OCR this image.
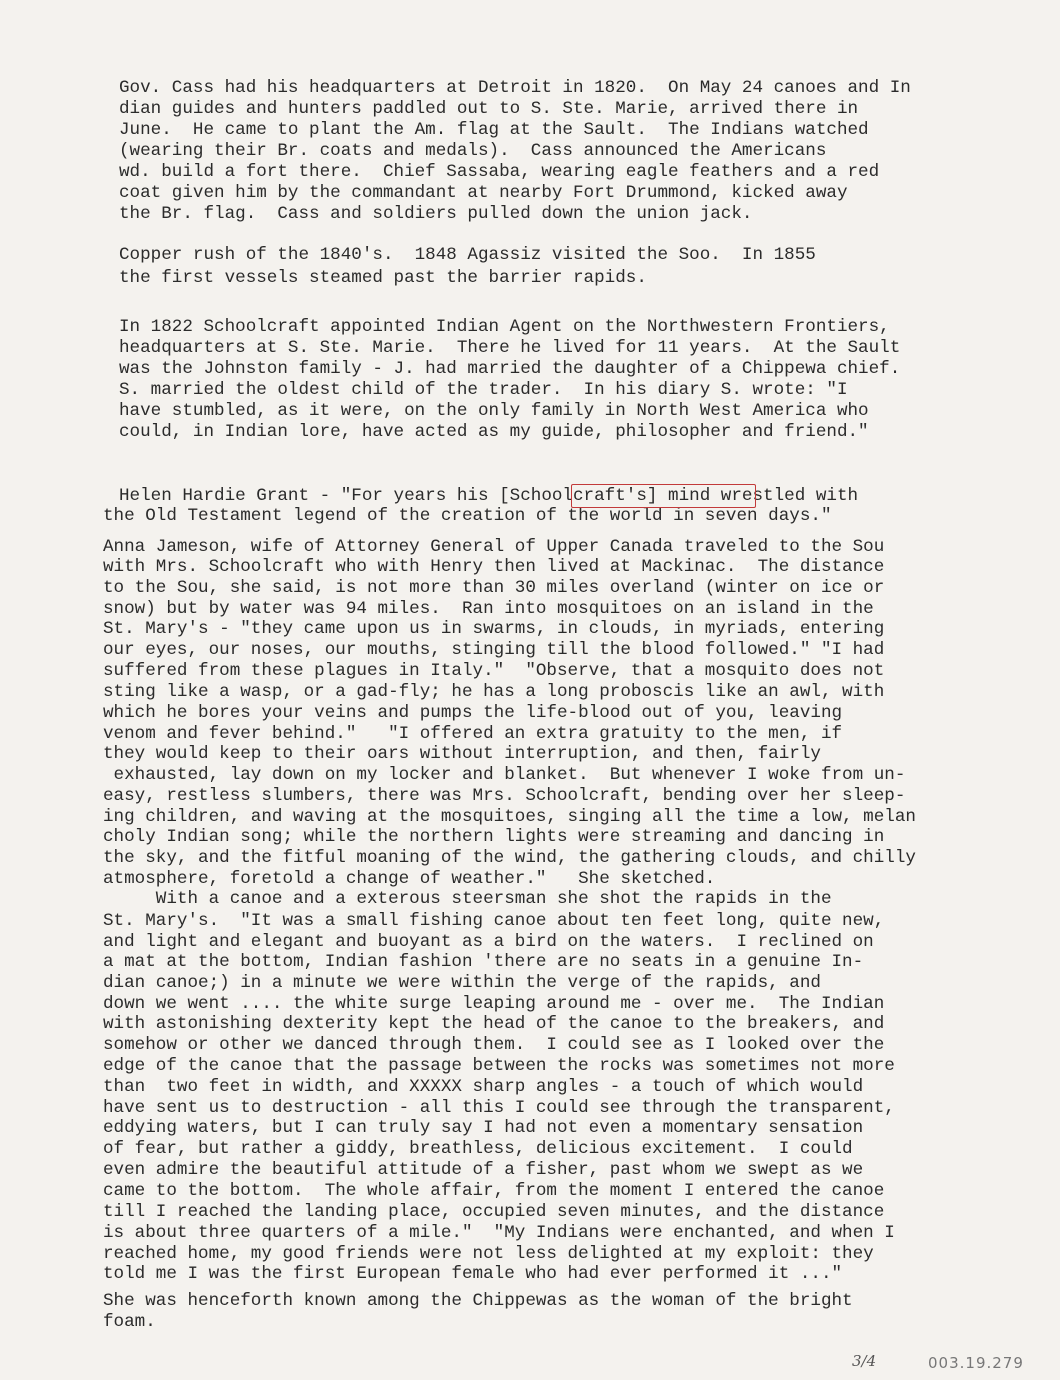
Gov. Cass had his headquarters at Detroit in 1820.  On May 24 canoes and In
dian guides and hunters paddled out to S. Ste. Marie, arrived there in
June.  He came to plant the Am. flag at the Sault.  The Indians watched
(wearing their Br. coats and medals).  Cass announced the Americans
wd. build a fort there.  Chief Sassaba, wearing eagle feathers and a red
coat given him by the commandant at nearby Fort Drummond, kicked away
the Br. flag.  Cass and soldiers pulled down the union jack.
Copper rush of the 1840's.  1848 Agassiz visited the Soo.  In 1855
the first vessels steamed past the barrier rapids.
In 1822 Schoolcraft appointed Indian Agent on the Northwestern Frontiers,
headquarters at S. Ste. Marie.  There he lived for 11 years.  At the Sault
was the Johnston family - J. had married the daughter of a Chippewa chief.
S. married the oldest child of the trader.  In his diary S. wrote: "I
have stumbled, as it were, on the only family in North West America who
could, in Indian lore, have acted as my guide, philosopher and friend."
Helen Hardie Grant - "For years his [Schoolcraft's] mind wrestled with
the Old Testament legend of the creation of the world in seven days."
Anna Jameson, wife of Attorney General of Upper Canada traveled to the Sou
with Mrs. Schoolcraft who with Henry then lived at Mackinac.  The distance
to the Sou, she said, is not more than 30 miles overland (winter on ice or
snow) but by water was 94 miles.  Ran into mosquitoes on an island in the
St. Mary's - "they came upon us in swarms, in clouds, in myriads, entering
our eyes, our noses, our mouths, stinging till the blood followed." "I had
suffered from these plagues in Italy."  "Observe, that a mosquito does not
sting like a wasp, or a gad-fly; he has a long proboscis like an awl, with
which he bores your veins and pumps the life-blood out of you, leaving
venom and fever behind."   "I offered an extra gratuity to the men, if
they would keep to their oars without interruption, and then, fairly
exhausted, lay down on my locker and blanket.  But whenever I woke from un-
easy, restless slumbers, there was Mrs. Schoolcraft, bending over her sleep-
ing children, and waving at the mosquitoes, singing all the time a low, melan
choly Indian song; while the northern lights were streaming and dancing in
the sky, and the fitful moaning of the wind, the gathering clouds, and chilly
atmosphere, foretold a change of weather."   She sketched.
With a canoe and a exterous steersman she shot the rapids in the
St. Mary's.  "It was a small fishing canoe about ten feet long, quite new,
and light and elegant and buoyant as a bird on the waters.  I reclined on
a mat at the bottom, Indian fashion 'there are no seats in a genuine In-
dian canoe;) in a minute we were within the verge of the rapids, and
down we went .... the white surge leaping around me - over me.  The Indian
with astonishing dexterity kept the head of the canoe to the breakers, and
somehow or other we danced through them.  I could see as I looked over the
edge of the canoe that the passage between the rocks was sometimes not more
than  two feet in width, and XXXXX sharp angles - a touch of which would
have sent us to destruction - all this I could see through the transparent,
eddying waters, but I can truly say I had not even a momentary sensation
of fear, but rather a giddy, breathless, delicious excitement.  I could
even admire the beautiful attitude of a fisher, past whom we swept as we
came to the bottom.  The whole affair, from the moment I entered the canoe
till I reached the landing place, occupied seven minutes, and the distance
is about three quarters of a mile."  "My Indians were enchanted, and when I
reached home, my good friends were not less delighted at my exploit: they
told me I was the first European female who had ever performed it ..."
She was henceforth known among the Chippewas as the woman of the bright
foam.
3/4	003.19.279
